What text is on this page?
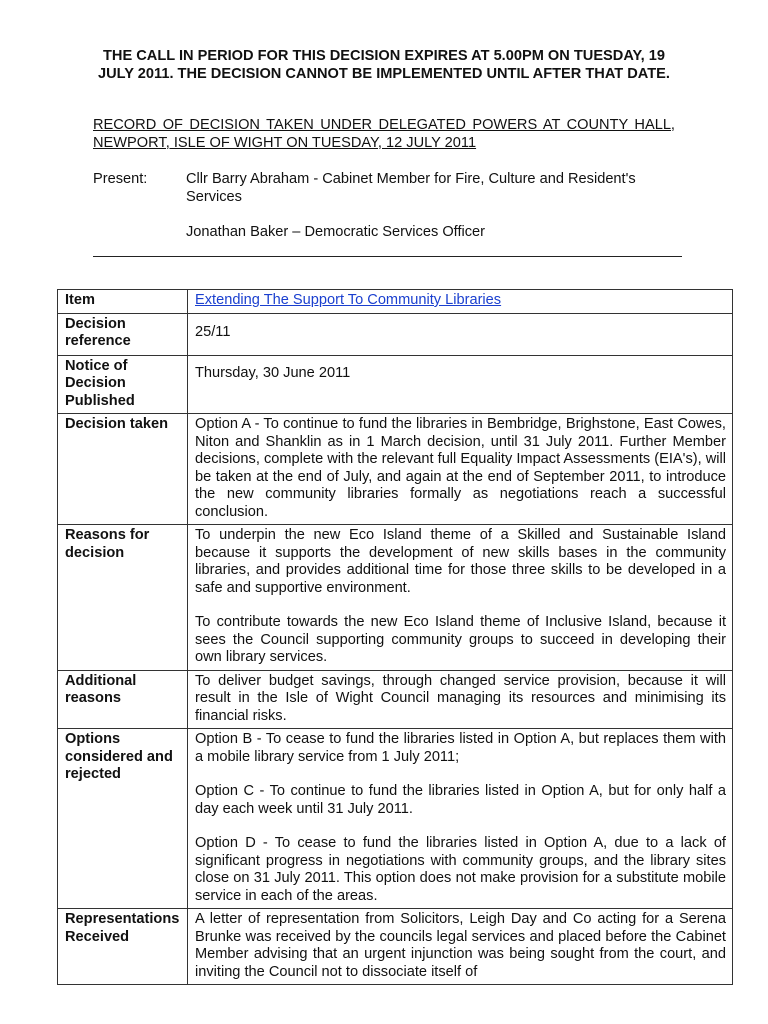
THE CALL IN PERIOD FOR THIS DECISION EXPIRES AT 5.00PM ON TUESDAY, 19 JULY 2011. THE DECISION CANNOT BE IMPLEMENTED UNTIL AFTER THAT DATE.
RECORD OF DECISION TAKEN UNDER DELEGATED POWERS AT COUNTY HALL, NEWPORT, ISLE OF WIGHT ON TUESDAY, 12 JULY 2011
Present:	Cllr Barry Abraham - Cabinet Member for Fire, Culture and Resident's Services
Jonathan Baker – Democratic Services Officer
Item	Extending The Support To Community Libraries
Decision reference	25/11

Notice of Decision Published	Thursday, 30 June 2011

Decision taken	Option A - To continue to fund the libraries in Bembridge, Brighstone, East Cowes, Niton and Shanklin as in 1 March decision, until 31 July 2011. Further Member decisions, complete with the relevant full Equality Impact Assessments (EIA's), will be taken at the end of July, and again at the end of September 2011, to introduce the new community libraries formally as negotiations reach a successful conclusion.

Reasons for decision	To underpin the new Eco Island theme of a Skilled and Sustainable Island because it supports the development of new skills bases in the community libraries, and provides additional time for those three skills to be developed in a safe and supportive environment.

To contribute towards the new Eco Island theme of Inclusive Island, because it sees the Council supporting community groups to succeed in developing their own library services.

Additional reasons	To deliver budget savings, through changed service provision, because it will result in the Isle of Wight Council managing its resources and minimising its financial risks.

Options considered and rejected	Option B - To cease to fund the libraries listed in Option A, but replaces them with a mobile library service from 1 July 2011;

Option C - To continue to fund the libraries listed in Option A, but for only half a day each week until 31 July 2011.

Option D - To cease to fund the libraries listed in Option A, due to a lack of significant progress in negotiations with community groups, and the library sites close on 31 July 2011. This option does not make provision for a substitute mobile service in each of the areas.

Representations Received	A letter of representation from Solicitors, Leigh Day and Co acting for a Serena Brunke was received by the councils legal services and placed before the Cabinet Member advising that an urgent injunction was being sought from the court, and inviting the Council not to dissociate itself of
